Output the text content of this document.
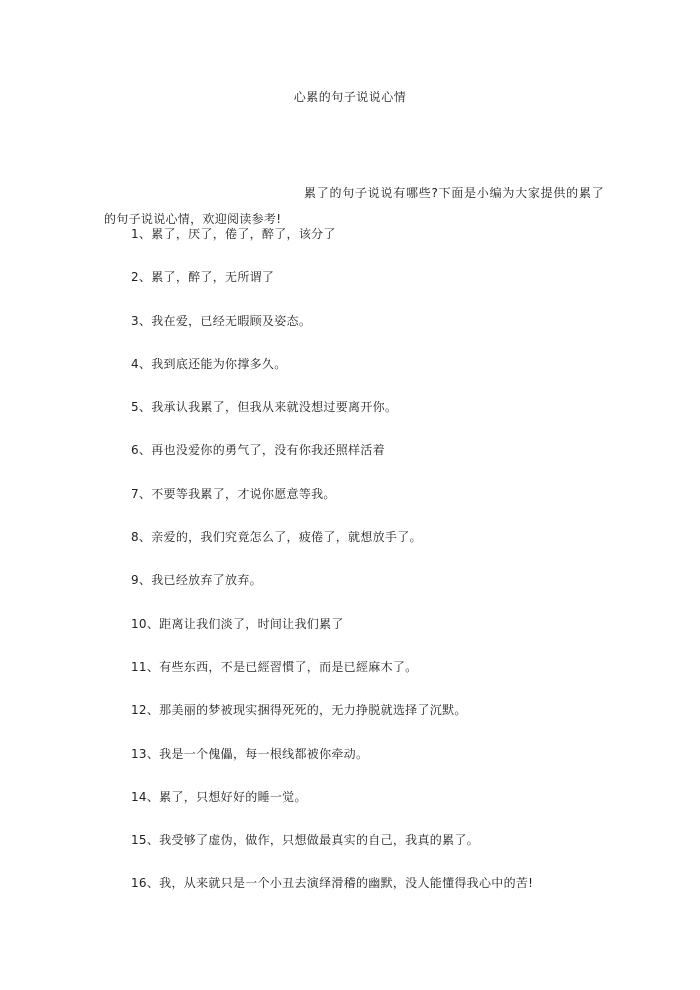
心累的句子说说心情
累了的句子说说有哪些?下面是小编为大家提供的累了的句子说说心情，欢迎阅读参考!
1、累了，厌了，倦了，醉了，该分了
2、累了，醉了，无所谓了
3、我在爱，已经无暇顾及姿态。
4、我到底还能为你撑多久。
5、我承认我累了，但我从来就没想过要离开你。
6、再也没爱你的勇气了，没有你我还照样活着
7、不要等我累了，才说你愿意等我。
8、亲爱的，我们究竟怎么了，疲倦了，就想放手了。
9、我已经放弃了放弃。
10、距离让我们淡了，时间让我们累了
11、有些东西，不是已經習慣了，而是已經麻木了。
12、那美丽的梦被现实捆得死死的，无力挣脱就选择了沉默。
13、我是一个傀儡，每一根线都被你牵动。
14、累了，只想好好的睡一觉。
15、我受够了虚伪，做作，只想做最真实的自己，我真的累了。
16、我，从来就只是一个小丑去演绎滑稽的幽默，没人能懂得我心中的苦!
